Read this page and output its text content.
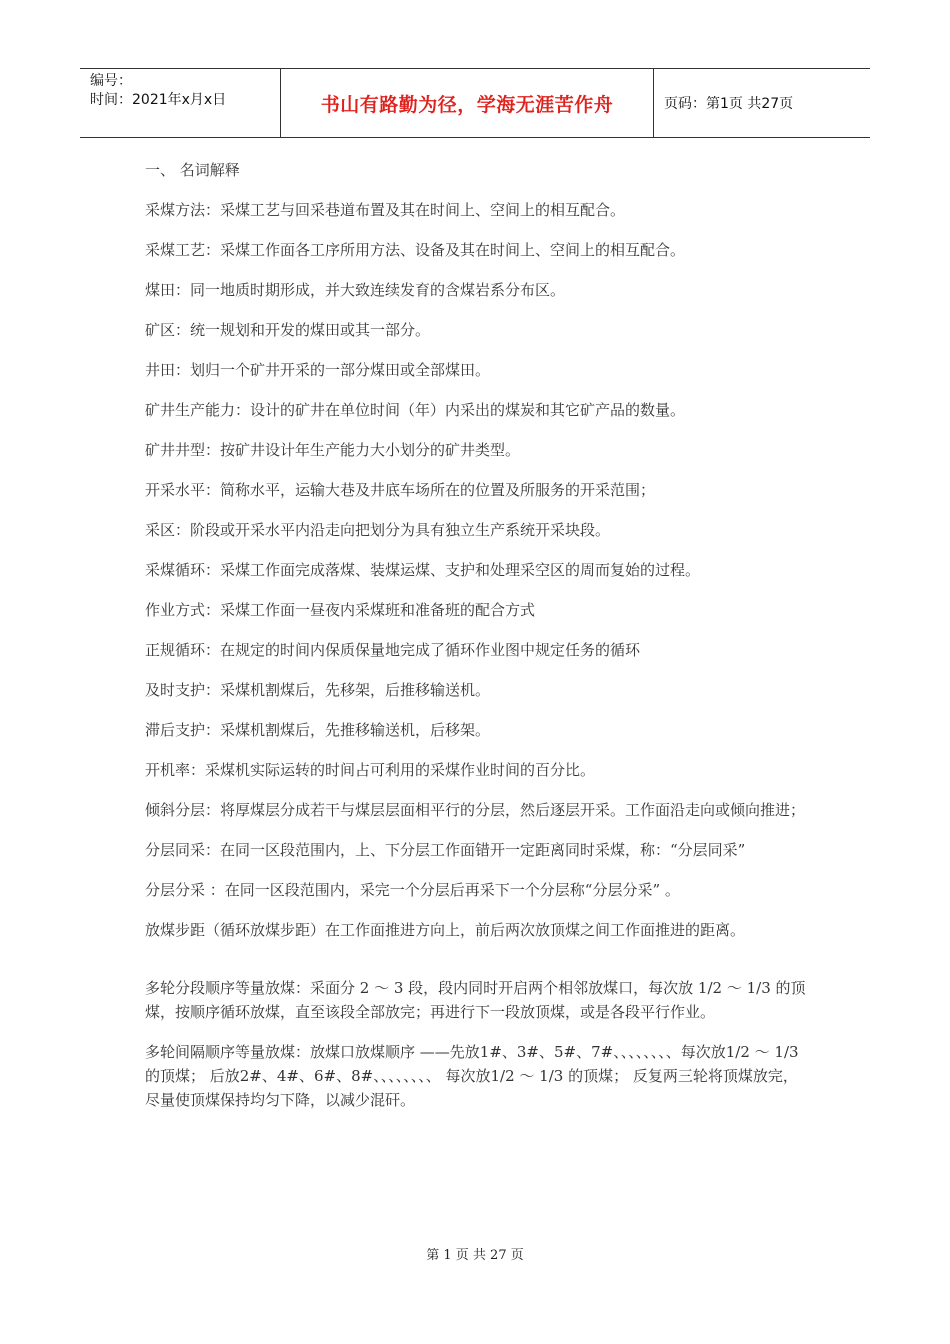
编号：
时间：2021年x月x日	书山有路勤为径，学海无涯苦作舟	页码：第1页 共27页

一、 名词解释

采煤方法：采煤工艺与回采巷道布置及其在时间上、空间上的相互配合。

采煤工艺：采煤工作面各工序所用方法、设备及其在时间上、空间上的相互配合。

煤田：同一地质时期形成，并大致连续发育的含煤岩系分布区。

矿区：统一规划和开发的煤田或其一部分。

井田：划归一个矿井开采的一部分煤田或全部煤田。

矿井生产能力：设计的矿井在单位时间（年）内采出的煤炭和其它矿产品的数量。

矿井井型：按矿井设计年生产能力大小划分的矿井类型。

开采水平：简称水平，运输大巷及井底车场所在的位置及所服务的开采范围；

采区：阶段或开采水平内沿走向把划分为具有独立生产系统开采块段。

采煤循环：采煤工作面完成落煤、装煤运煤、支护和处理采空区的周而复始的过程。

作业方式：采煤工作面一昼夜内采煤班和准备班的配合方式

正规循环：在规定的时间内保质保量地完成了循环作业图中规定任务的循环

及时支护：采煤机割煤后，先移架，后推移输送机。

滞后支护：采煤机割煤后，先推移输送机，后移架。

开机率：采煤机实际运转的时间占可利用的采煤作业时间的百分比。

倾斜分层：将厚煤层分成若干与煤层层面相平行的分层，然后逐层开采。工作面沿走向或倾向推进；

分层同采：在同一区段范围内，上、下分层工作面错开一定距离同时采煤，称：“分层同采”

分层分采 ：在同一区段范围内，采完一个分层后再采下一个分层称“分层分采” 。

放煤步距（循环放煤步距）在工作面推进方向上，前后两次放顶煤之间工作面推进的距离。

多轮分段顺序等量放煤：采面分 2 ～ 3 段，段内同时开启两个相邻放煤口，每次放 1/2 ～ 1/3 的顶煤，按顺序循环放煤，直至该段全部放完；再进行下一段放顶煤，或是各段平行作业。

多轮间隔顺序等量放煤：放煤口放煤顺序 ——先放1#、3#、5#、7#、、、、、、、、每次放1/2 ～ 1/3 的顶煤； 后放2#、4#、6#、8#、、、、、、、、 每次放1/2 ～ 1/3 的顶煤； 反复两三轮将顶煤放完，尽量使顶煤保持均匀下降，以减少混矸。

第 1 页 共 27 页
